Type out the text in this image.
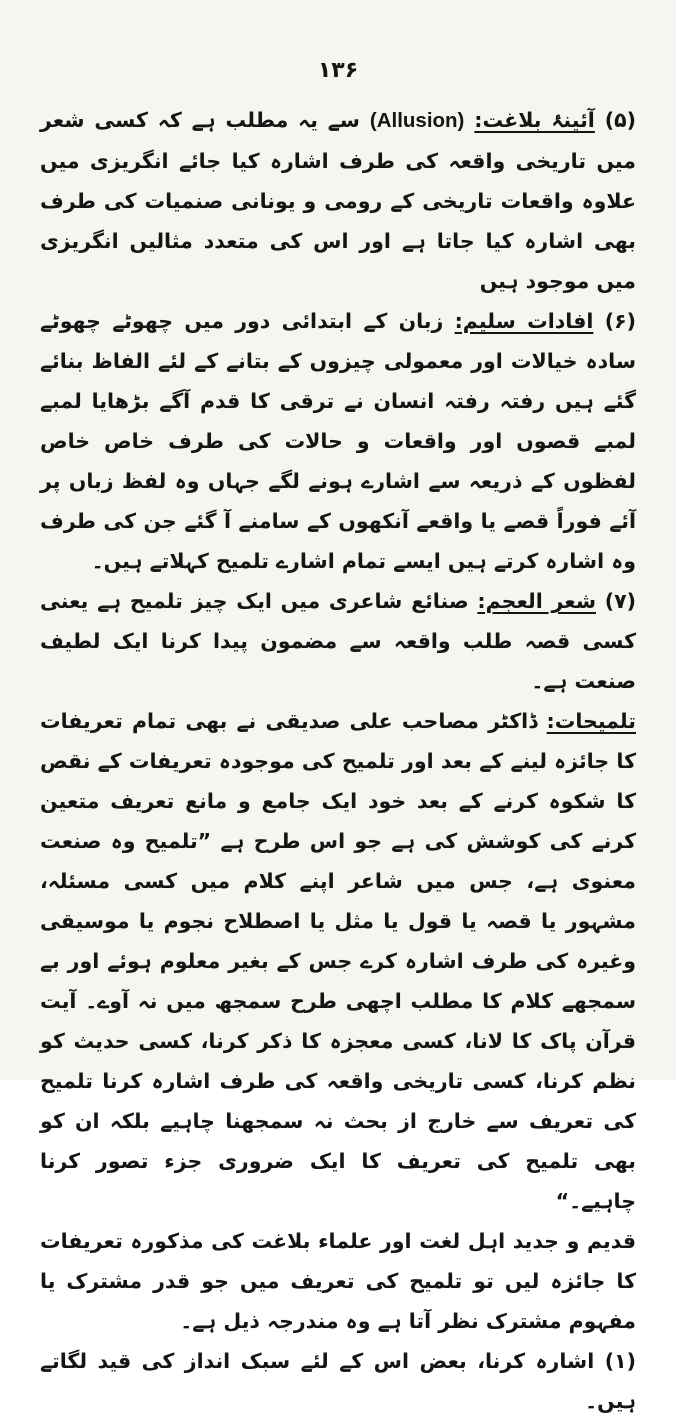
۱۳۶

(۵) آئینۂ بلاغت: (Allusion) سے یہ مطلب ہے کہ کسی شعر میں تاریخی واقعہ کی طرف اشارہ کیا جائے انگریزی میں علاوہ واقعات تاریخی کے رومی و یونانی صنمیات کی طرف بھی اشارہ کیا جاتا ہے اور اس کی متعدد مثالیں انگریزی میں موجود ہیں

(۶) افادات سلیم: زبان کے ابتدائی دور میں چھوٹے چھوٹے سادہ خیالات اور معمولی چیزوں کے بتانے کے لئے الفاظ بنائے گئے ہیں رفتہ رفتہ انسان نے ترقی کا قدم آگے بڑھایا لمبے لمبے قصوں اور واقعات و حالات کی طرف خاص خاص لفظوں کے ذریعہ سے اشارے ہونے لگے جہاں وہ لفظ زباں پر آئے فوراً قصے یا واقعے آنکھوں کے سامنے آ گئے جن کی طرف وہ اشارہ کرتے ہیں ایسے تمام اشارے تلمیح کہلاتے ہیں۔

(۷) شعر العجم: صنائع شاعری میں ایک چیز تلمیح ہے یعنی کسی قصہ طلب واقعہ سے مضمون پیدا کرنا ایک لطیف صنعت ہے۔

تلمیحات: ڈاکٹر مصاحب علی صدیقی نے بھی تمام تعریفات کا جائزہ لینے کے بعد اور تلمیح کی موجودہ تعریفات کے نقص کا شکوہ کرنے کے بعد خود ایک جامع و مانع تعریف متعین کرنے کی کوشش کی ہے جو اس طرح ہے ”تلمیح وہ صنعت معنوی ہے، جس میں شاعر اپنے کلام میں کسی مسئلہ، مشہور یا قصہ یا قول یا مثل یا اصطلاح نجوم یا موسیقی وغیرہ کی طرف اشارہ کرے جس کے بغیر معلوم ہوئے اور بے سمجھے کلام کا مطلب اچھی طرح سمجھ میں نہ آوے۔ آیت قرآن پاک کا لانا، کسی معجزہ کا ذکر کرنا، کسی حدیث کو نظم کرنا، کسی تاریخی واقعہ کی طرف اشارہ کرنا تلمیح کی تعریف سے خارج از بحث نہ سمجھنا چاہیے بلکہ ان کو بھی تلمیح کی تعریف کا ایک ضروری جزء تصور کرنا چاہیے۔“

قدیم و جدید اہل لغت اور علماء بلاغت کی مذکورہ تعریفات کا جائزہ لیں تو تلمیح کی تعریف میں جو قدر مشترک یا مفہوم مشترک نظر آتا ہے وہ مندرجہ ذیل ہے۔

(۱) اشارہ کرنا، بعض اس کے لئے سبک انداز کی قید لگاتے ہیں۔
